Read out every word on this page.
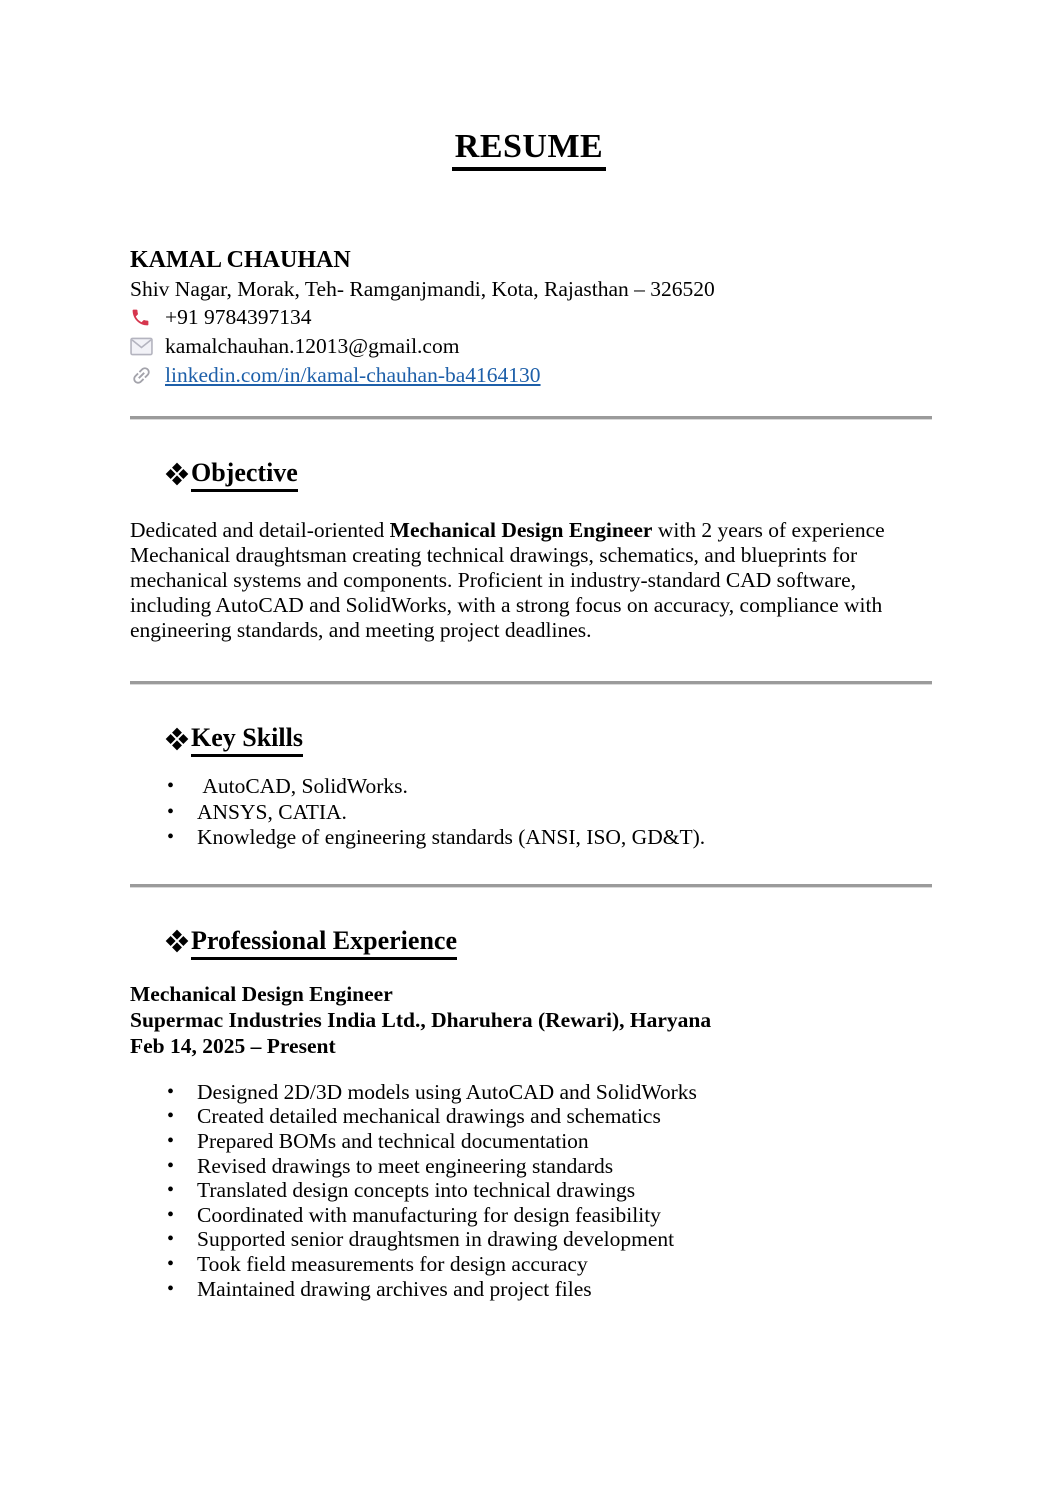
RESUME
KAMAL CHAUHAN
Shiv Nagar, Morak, Teh- Ramganjmandi, Kota, Rajasthan – 326520
+91 9784397134
kamalchauhan.12013@gmail.com
linkedin.com/in/kamal-chauhan-ba4164130
Objective

Dedicated and detail-oriented Mechanical Design Engineer with 2 years of experience Mechanical draughtsman creating technical drawings, schematics, and blueprints for mechanical systems and components. Proficient in industry-standard CAD software, including AutoCAD and SolidWorks, with a strong focus on accuracy, compliance with engineering standards, and meeting project deadlines.

Key Skills
•  AutoCAD, SolidWorks.
• ANSYS, CATIA.
• Knowledge of engineering standards (ANSI, ISO, GD&T).
Professional Experience
Mechanical Design Engineer
Supermac Industries India Ltd., Dharuhera (Rewari), Haryana
Feb 14, 2025 – Present
• Designed 2D/3D models using AutoCAD and SolidWorks
• Created detailed mechanical drawings and schematics
• Prepared BOMs and technical documentation
• Revised drawings to meet engineering standards
• Translated design concepts into technical drawings
• Coordinated with manufacturing for design feasibility
• Supported senior draughtsmen in drawing development
• Took field measurements for design accuracy
• Maintained drawing archives and project files
